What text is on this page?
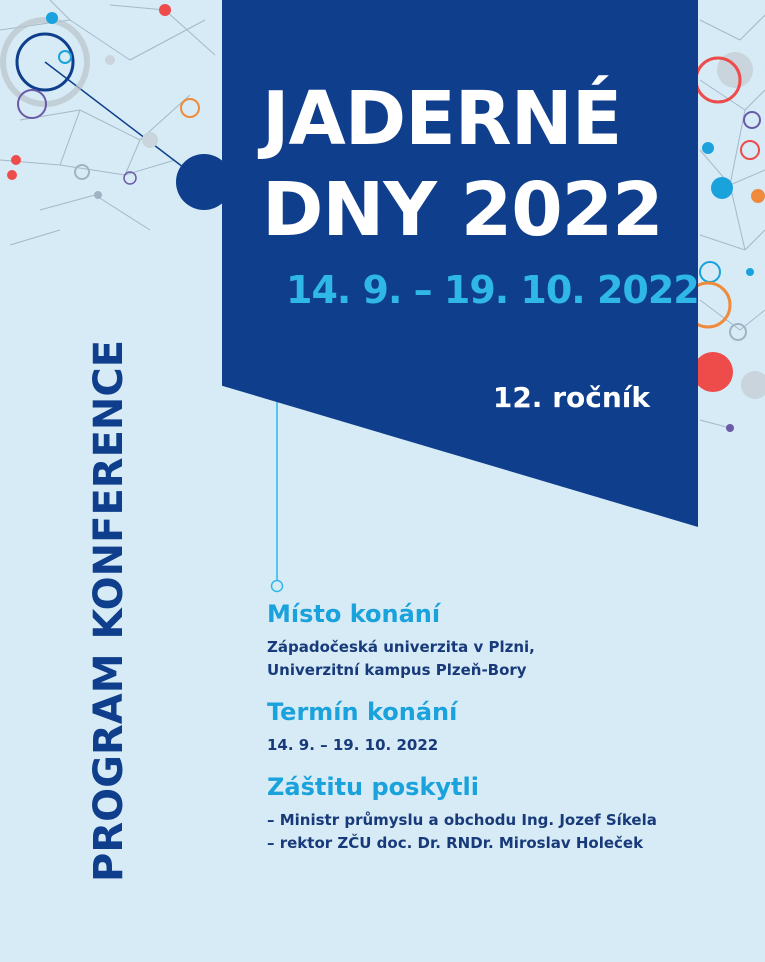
JADERNÉ
DNY 2022
14. 9. – 19. 10. 2022
12. ročník
PROGRAM KONFERENCE	Místo konání

Západočeská univerzita v Plzni,

Univerzitní kampus Plzeň-Bory

Termín konání

14. 9. – 19. 10. 2022

Záštitu poskytli

– Ministr průmyslu a obchodu Ing. Jozef Síkela

– rektor ZČU doc. Dr. RNDr. Miroslav Holeček
